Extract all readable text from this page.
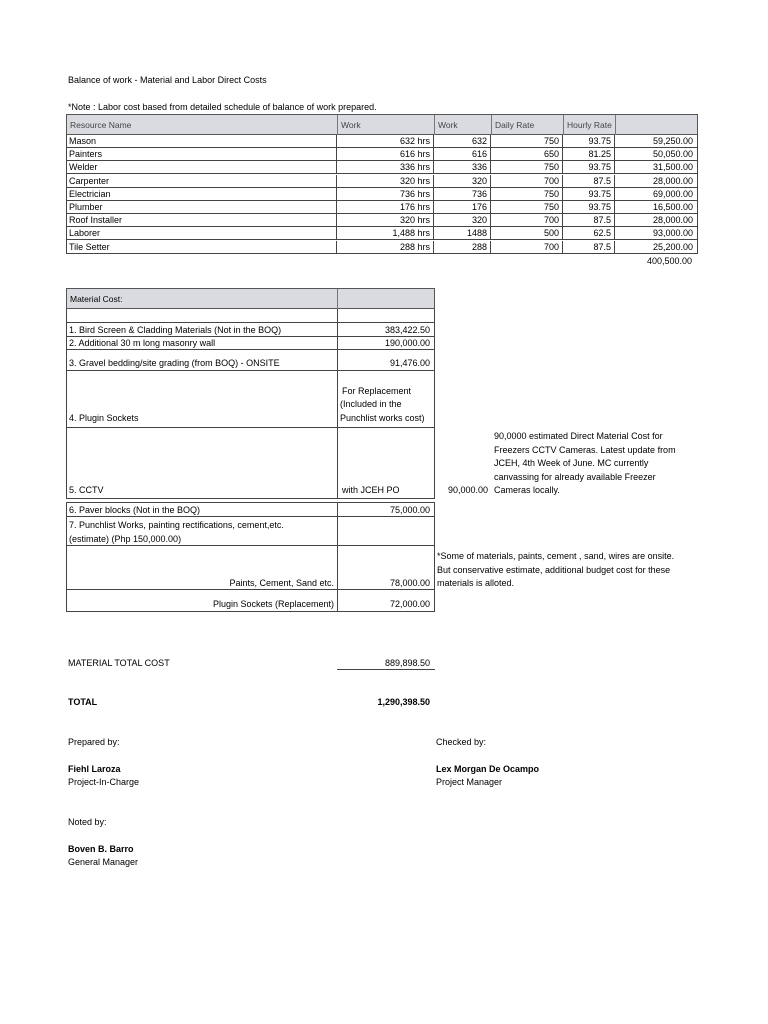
Balance of work - Material and Labor Direct Costs
*Note : Labor cost based from detailed schedule of balance of work prepared.
Resource Name	Work	Work	Daily Rate	Hourly Rate
Mason	632 hrs	632	750	93.75	59,250.00
Painters	616 hrs	616	650	81.25	50,050.00
Welder	336 hrs	336	750	93.75	31,500.00
Carpenter	320 hrs	320	700	87.5	28,000.00
Electrician	736 hrs	736	750	93.75	69,000.00
Plumber	176 hrs	176	750	93.75	16,500.00
Roof Installer	320 hrs	320	700	87.5	28,000.00
Laborer	1,488 hrs	1488	500	62.5	93,000.00
Tile Setter	288 hrs	288	700	87.5	25,200.00
400,500.00
Material Cost:
1. Bird Screen & Cladding Materials (Not in the BOQ)	383,422.50
2. Additional 30 m long masonry wall	190,000.00
3. Gravel bedding/site grading (from BOQ) - ONSITE	91,476.00
4. Plugin Sockets
For Replacement
(Included in the
Punchlist works cost)
5. CCTV	with JCEH PO	90,000.00
90,0000 estimated Direct Material Cost for
Freezers CCTV Cameras. Latest update from
JCEH, 4th Week of June. MC currently
canvassing for already available Freezer
Cameras locally.
6. Paver blocks (Not in the BOQ)	75,000.00
7. Punchlist Works, painting rectifications, cement,etc.
(estimate) (Php 150,000.00)
*Some of materials, paints, cement , sand, wires are onsite.
But conservative estimate, additional budget cost for these
materials is alloted.
Paints, Cement, Sand etc.	78,000.00
Plugin Sockets (Replacement)	72,000.00
MATERIAL TOTAL COST	889,898.50
TOTAL	1,290,398.50
Prepared by:
Fiehl Laroza
Project-In-Charge
Checked by:
Lex Morgan De Ocampo
Project Manager
Noted by:
Boven B. Barro
General Manager
